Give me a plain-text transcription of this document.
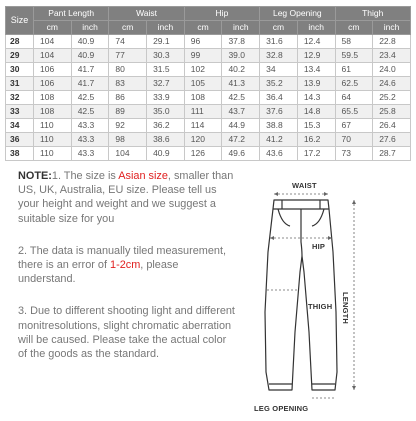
Size	Pant Length		Waist		Hip		Leg Opening		Thigh	
	cm	inch	cm	inch	cm	inch	cm	inch	cm	inch
28	104	40.9	74	29.1	96	37.8	31.6	12.4	58	22.8
29	104	40.9	77	30.3	99	39.0	32.8	12.9	59.5	23.4
30	106	41.7	80	31.5	102	40.2	34	13.4	61	24.0
31	106	41.7	83	32.7	105	41.3	35.2	13.9	62.5	24.6
32	108	42.5	86	33.9	108	42.5	36.4	14.3	64	25.2
33	108	42.5	89	35.0	111	43.7	37.6	14.8	65.5	25.8
34	110	43.3	92	36.2	114	44.9	38.8	15.3	67	26.4
36	110	43.3	98	38.6	120	47.2	41.2	16.2	70	27.6
38	110	43.3	104	40.9	126	49.6	43.6	17.2	73	28.7

NOTE:1. The size is Asian size, smaller than US, UK, Australia, EU size. Please tell us your height and weight and we suggest a suitable size for you

2. The data is manually tiled measurement, there is an error of 1-2cm, please understand.

3. Due to different shooting light and different monitresolutions, slight chromatic aberration will be caused. Please take the actual color of the goods as the standard.

WAIST
HIP
THIGH LENGTH
LEG OPENING
